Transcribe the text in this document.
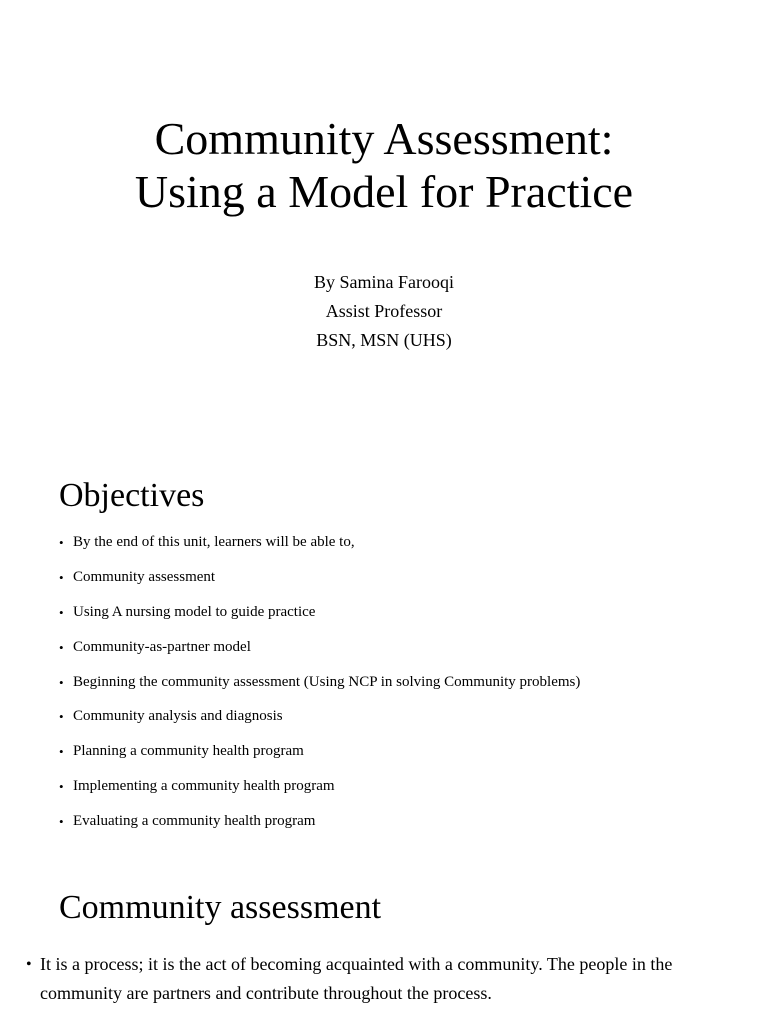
Community Assessment:
Using a Model for Practice
By Samina Farooqi
Assist Professor
BSN, MSN (UHS)
Objectives
• By the end of this unit, learners will be able to,
• Community assessment
• Using A nursing model to guide practice
• Community-as-partner model
• Beginning the community assessment (Using NCP in solving Community problems)
• Community analysis and diagnosis
• Planning a community health program
• Implementing a community health program
• Evaluating a community health program
Community assessment
• It is a process; it is the act of becoming acquainted with a community. The people in the community are partners and contribute throughout the process.
